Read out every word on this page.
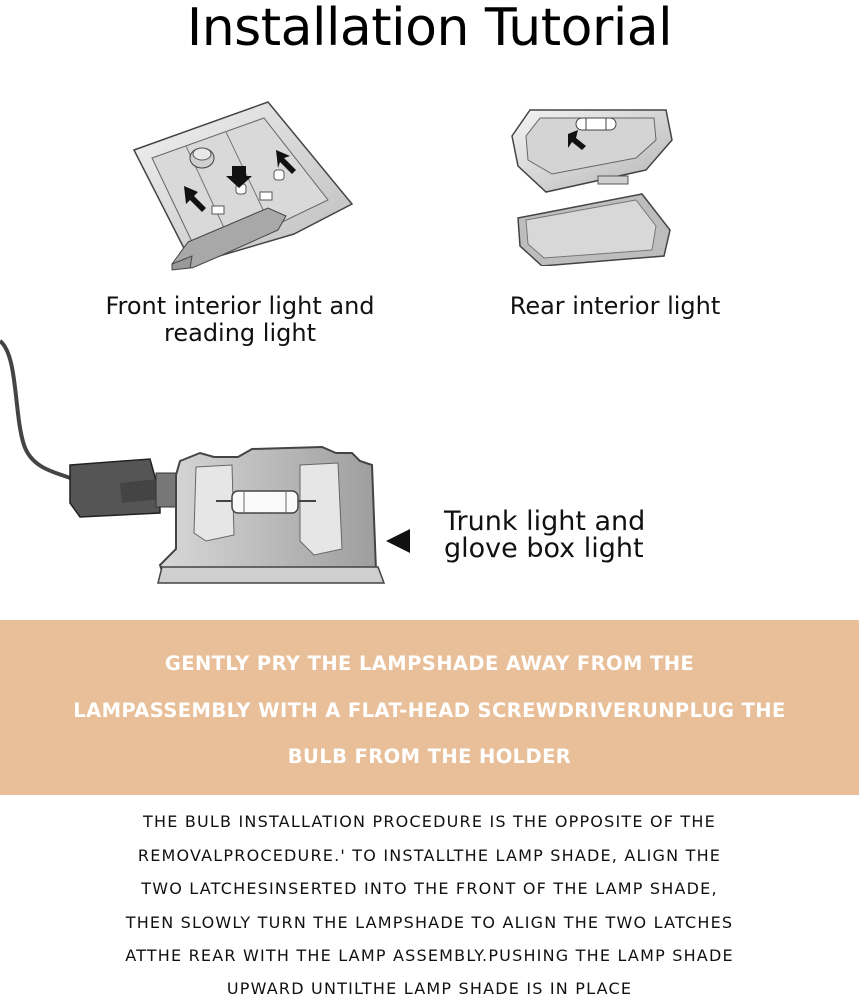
Installation Tutorial
Front interior light and
reading light
Rear interior light
Trunk light and
glove box light
GENTLY PRY THE LAMPSHADE AWAY FROM THE
LAMPASSEMBLY WITH A FLAT-HEAD SCREWDRIVERUNPLUG THE
BULB FROM THE HOLDER
THE BULB INSTALLATION PROCEDURE IS THE OPPOSITE OF THE
REMOVALPROCEDURE.' TO INSTALLTHE LAMP SHADE, ALIGN THE
TWO LATCHESINSERTED INTO THE FRONT OF THE LAMP SHADE,
THEN SLOWLY TURN THE LAMPSHADE TO ALIGN THE TWO LATCHES
ATTHE REAR WITH THE LAMP ASSEMBLY.PUSHING THE LAMP SHADE
UPWARD UNTILTHE LAMP SHADE IS IN PLACE
